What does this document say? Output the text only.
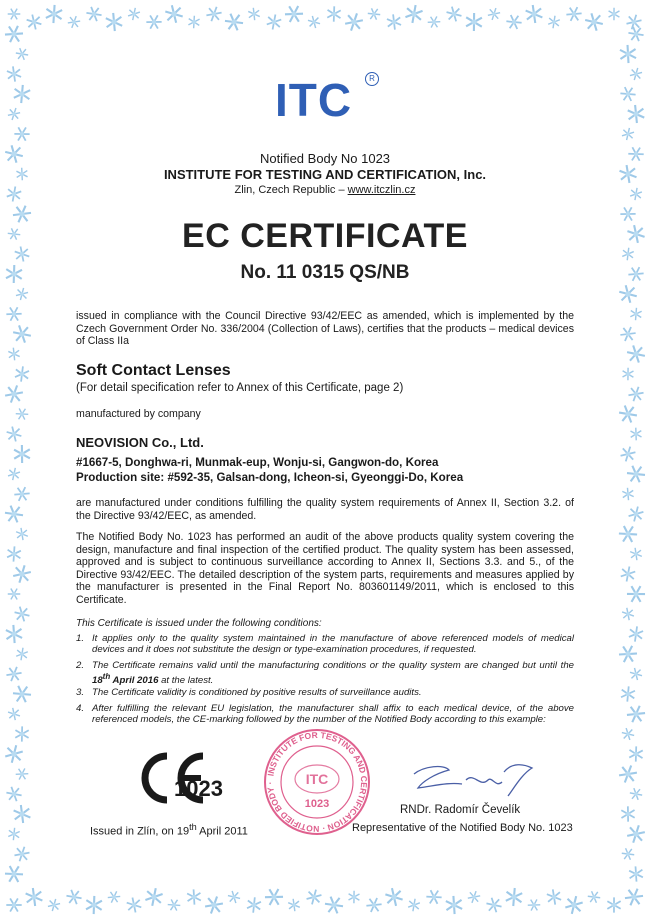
ITC	R
Notified Body No 1023
INSTITUTE FOR TESTING AND CERTIFICATION, Inc.
Zlin, Czech Republic – www.itczlin.cz
EC CERTIFICATE
No. 11 0315 QS/NB
issued in compliance with the Council Directive 93/42/EEC as amended, which is implemented by the Czech Government Order No. 336/2004 (Collection of Laws), certifies that the products – medical devices of Class IIa
Soft Contact Lenses
(For detail specification refer to Annex of this Certificate, page 2)
manufactured by company
NEOVISION Co., Ltd.
#1667-5, Donghwa-ri, Munmak-eup, Wonju-si, Gangwon-do, Korea
Production site: #592-35, Galsan-dong, Icheon-si, Gyeonggi-Do, Korea
are manufactured under conditions fulfilling the quality system requirements of Annex II, Section 3.2. of the Directive 93/42/EEC, as amended.
The Notified Body No. 1023 has performed an audit of the above products quality system covering the design, manufacture and final inspection of the certified product. The quality system has been assessed, approved and is subject to continuous surveillance according to Annex II, Sections 3.3. and 5., of the Directive 93/42/EEC. The detailed description of the system parts, requirements and measures applied by the manufacturer is presented in the Final Report No. 803601149/2011, which is enclosed to this Certificate.
This Certificate is issued under the following conditions:
1. It applies only to the quality system maintained in the manufacture of above referenced models of medical devices and it does not substitute the design or type-examination procedures, if requested.
2. The Certificate remains valid until the manufacturing conditions or the quality system are changed but until the 18th April 2016 at the latest.
3. The Certificate validity is conditioned by positive results of surveillance audits.
4. After fulfilling the relevant EU legislation, the manufacturer shall affix to each medical device, of the above referenced models, the CE-marking followed by the number of the Notified Body according to this example:
1023
INSTITUTE FOR TESTING AND CERTIFICATION · NOTIFIED BODY ·	ITC
1023	RNDr. Radomír Čevelík
Representative of the Notified Body No. 1023
Issued in Zlín, on 19th April 2011
